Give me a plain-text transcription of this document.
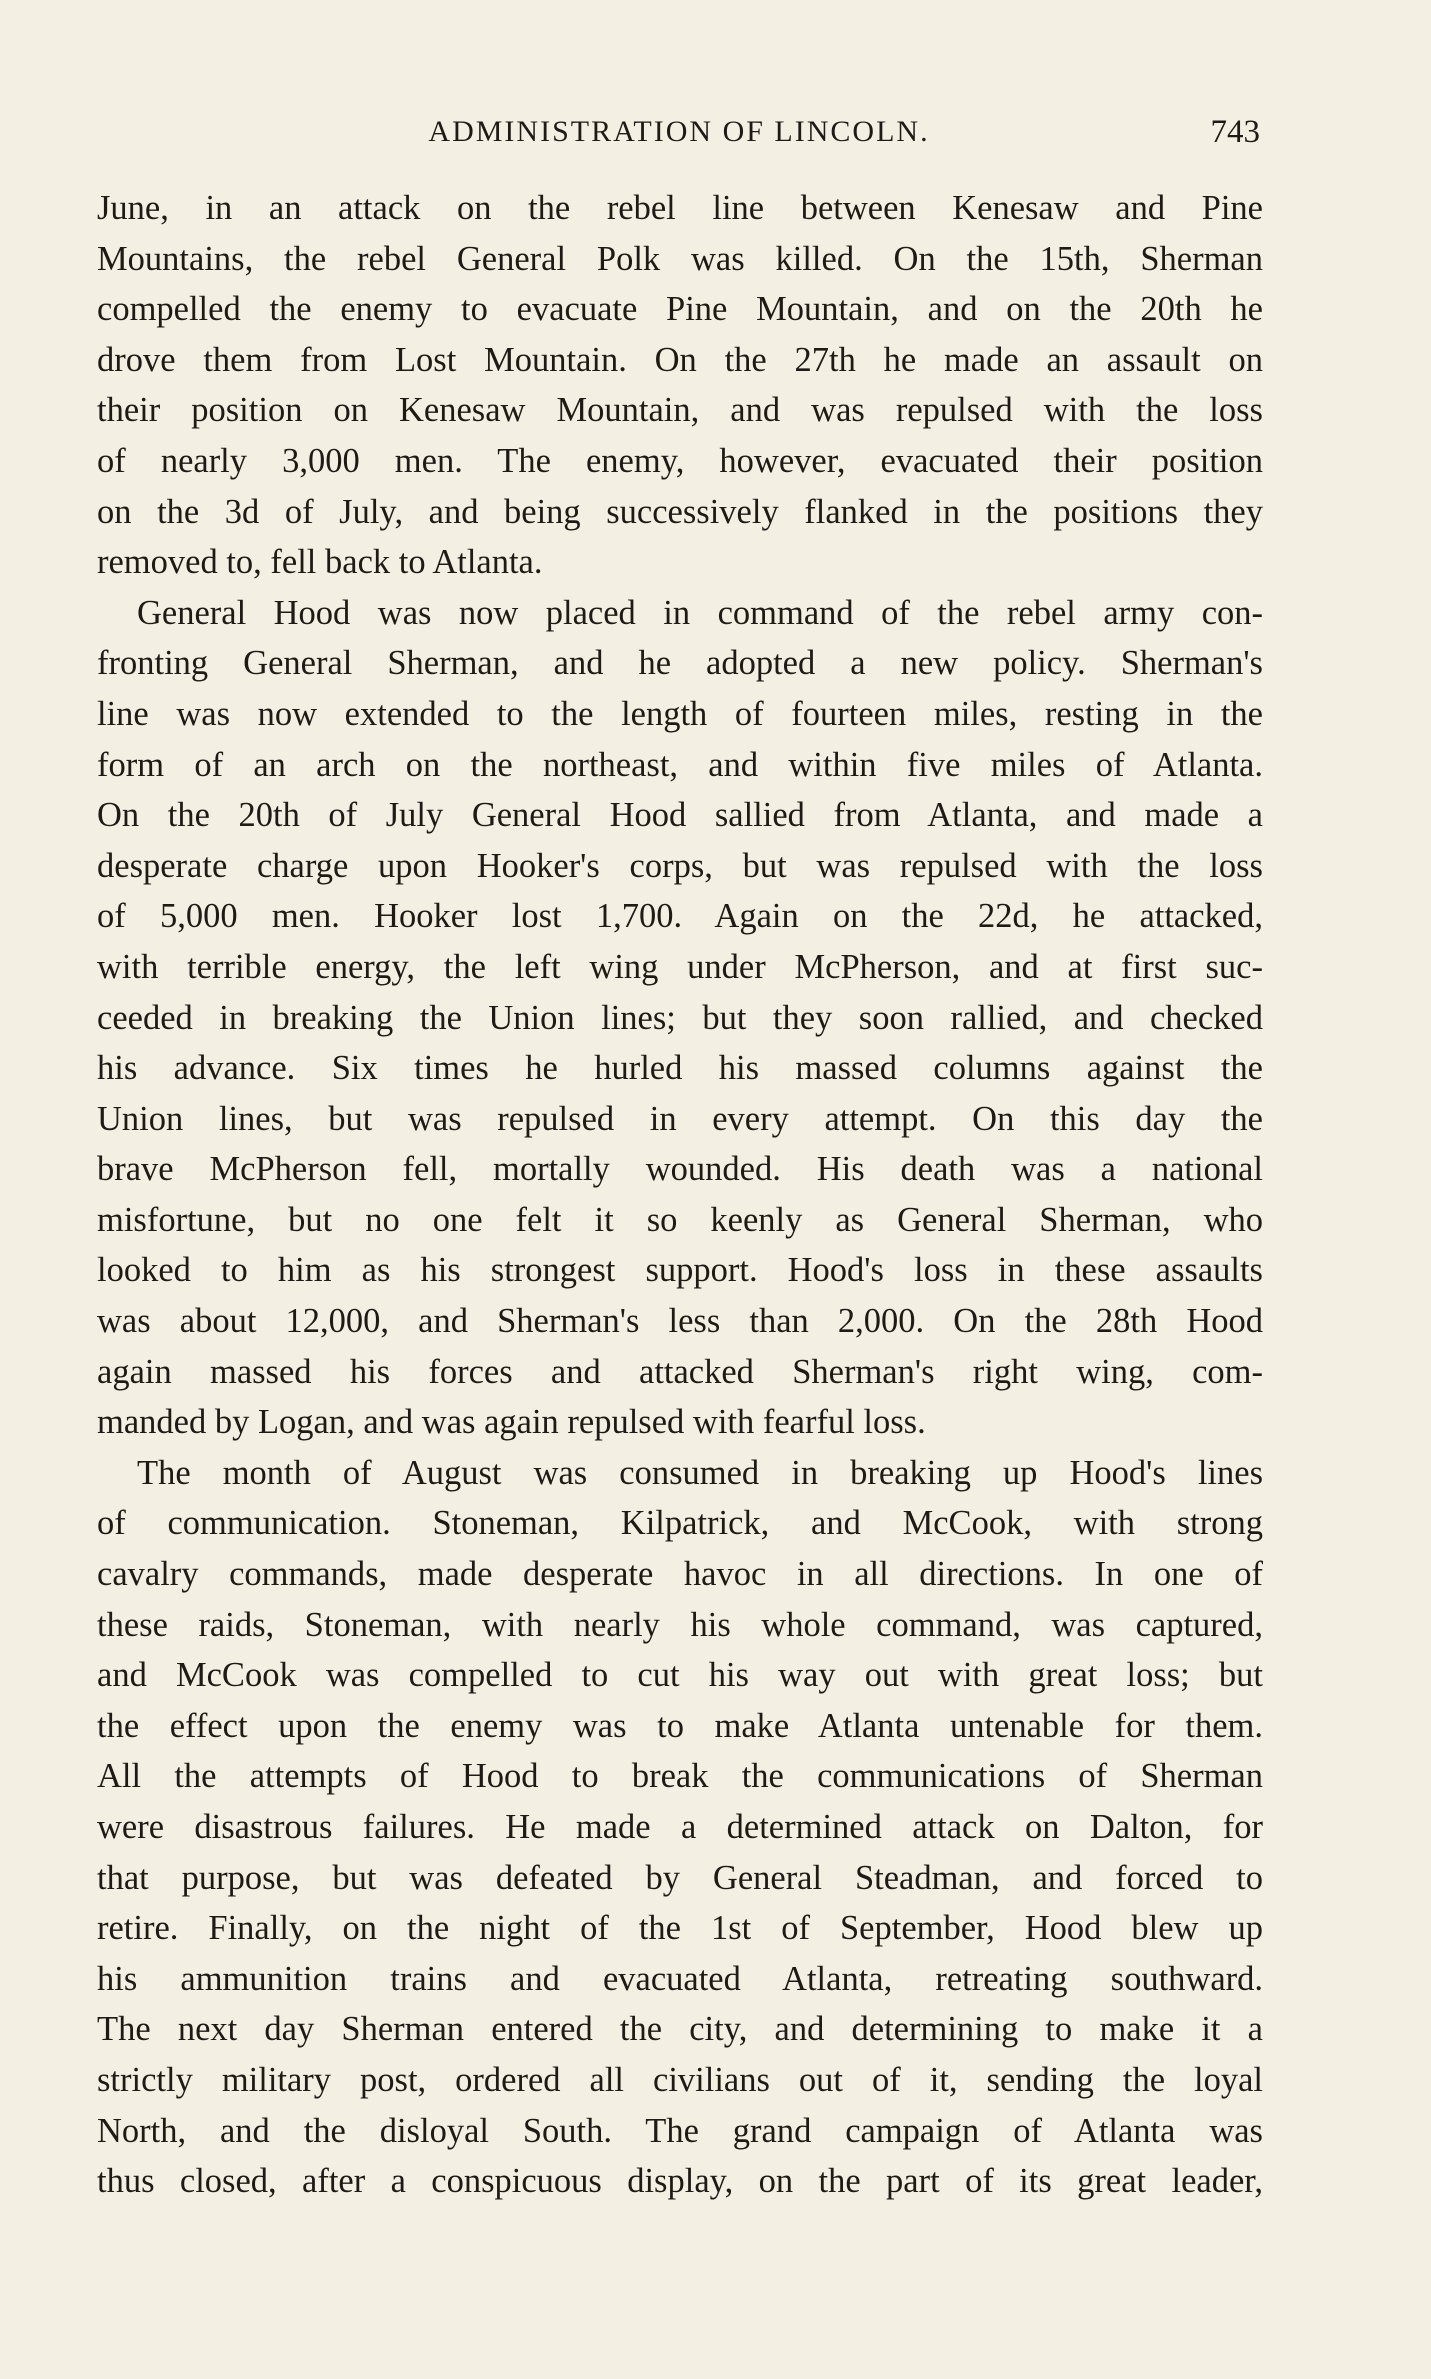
ADMINISTRATION OF LINCOLN.	743

June, in an attack on the rebel line between Kenesaw and Pine
Mountains, the rebel General Polk was killed. On the 15th, Sherman
compelled the enemy to evacuate Pine Mountain, and on the 20th he
drove them from Lost Mountain. On the 27th he made an assault on
their position on Kenesaw Mountain, and was repulsed with the loss
of nearly 3,000 men. The enemy, however, evacuated their position
on the 3d of July, and being successively flanked in the positions they
removed to, fell back to Atlanta.

General Hood was now placed in command of the rebel army con-
fronting General Sherman, and he adopted a new policy. Sherman's
line was now extended to the length of fourteen miles, resting in the
form of an arch on the northeast, and within five miles of Atlanta.
On the 20th of July General Hood sallied from Atlanta, and made a
desperate charge upon Hooker's corps, but was repulsed with the loss
of 5,000 men. Hooker lost 1,700. Again on the 22d, he attacked,
with terrible energy, the left wing under McPherson, and at first suc-
ceeded in breaking the Union lines; but they soon rallied, and checked
his advance. Six times he hurled his massed columns against the
Union lines, but was repulsed in every attempt. On this day the
brave McPherson fell, mortally wounded. His death was a national
misfortune, but no one felt it so keenly as General Sherman, who
looked to him as his strongest support. Hood's loss in these assaults
was about 12,000, and Sherman's less than 2,000. On the 28th Hood
again massed his forces and attacked Sherman's right wing, com-
manded by Logan, and was again repulsed with fearful loss.

The month of August was consumed in breaking up Hood's lines
of communication. Stoneman, Kilpatrick, and McCook, with strong
cavalry commands, made desperate havoc in all directions. In one of
these raids, Stoneman, with nearly his whole command, was captured,
and McCook was compelled to cut his way out with great loss; but
the effect upon the enemy was to make Atlanta untenable for them.
All the attempts of Hood to break the communications of Sherman
were disastrous failures. He made a determined attack on Dalton, for
that purpose, but was defeated by General Steadman, and forced to
retire. Finally, on the night of the 1st of September, Hood blew up
his ammunition trains and evacuated Atlanta, retreating southward.
The next day Sherman entered the city, and determining to make it a
strictly military post, ordered all civilians out of it, sending the loyal
North, and the disloyal South. The grand campaign of Atlanta was
thus closed, after a conspicuous display, on the part of its great leader,
